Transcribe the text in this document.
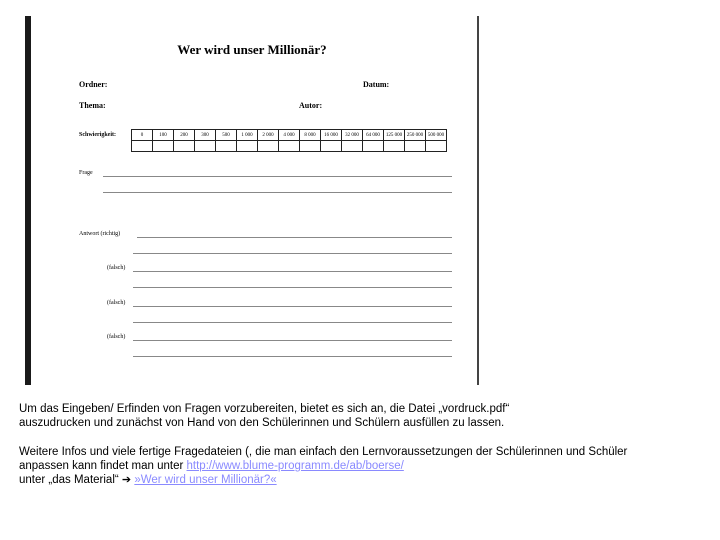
Wer wird unser Millionär?
Ordner:	Datum:
Thema:	Autor:
Schwierigkeit:	0	100	200	300	500	1 000	2 000	4 000	8 000	16 000	32 000	64 000	125 000	250 000	500 000

Frage
Antwort (richtig)
(falsch)
(falsch)
(falsch)
Um das Eingeben/ Erfinden von Fragen vorzubereiten, bietet es sich an, die Datei „vordruck.pdf“
auszudrucken und zunächst von Hand von den Schülerinnen und Schülern ausfüllen zu lassen.
Weitere Infos und viele fertige Fragedateien (, die man einfach den Lernvoraussetzungen der Schülerinnen und Schüler
anpassen kann findet man unter http://www.blume-programm.de/ab/boerse/
unter „das Material“ ➔ »Wer wird unser Millionär?«
